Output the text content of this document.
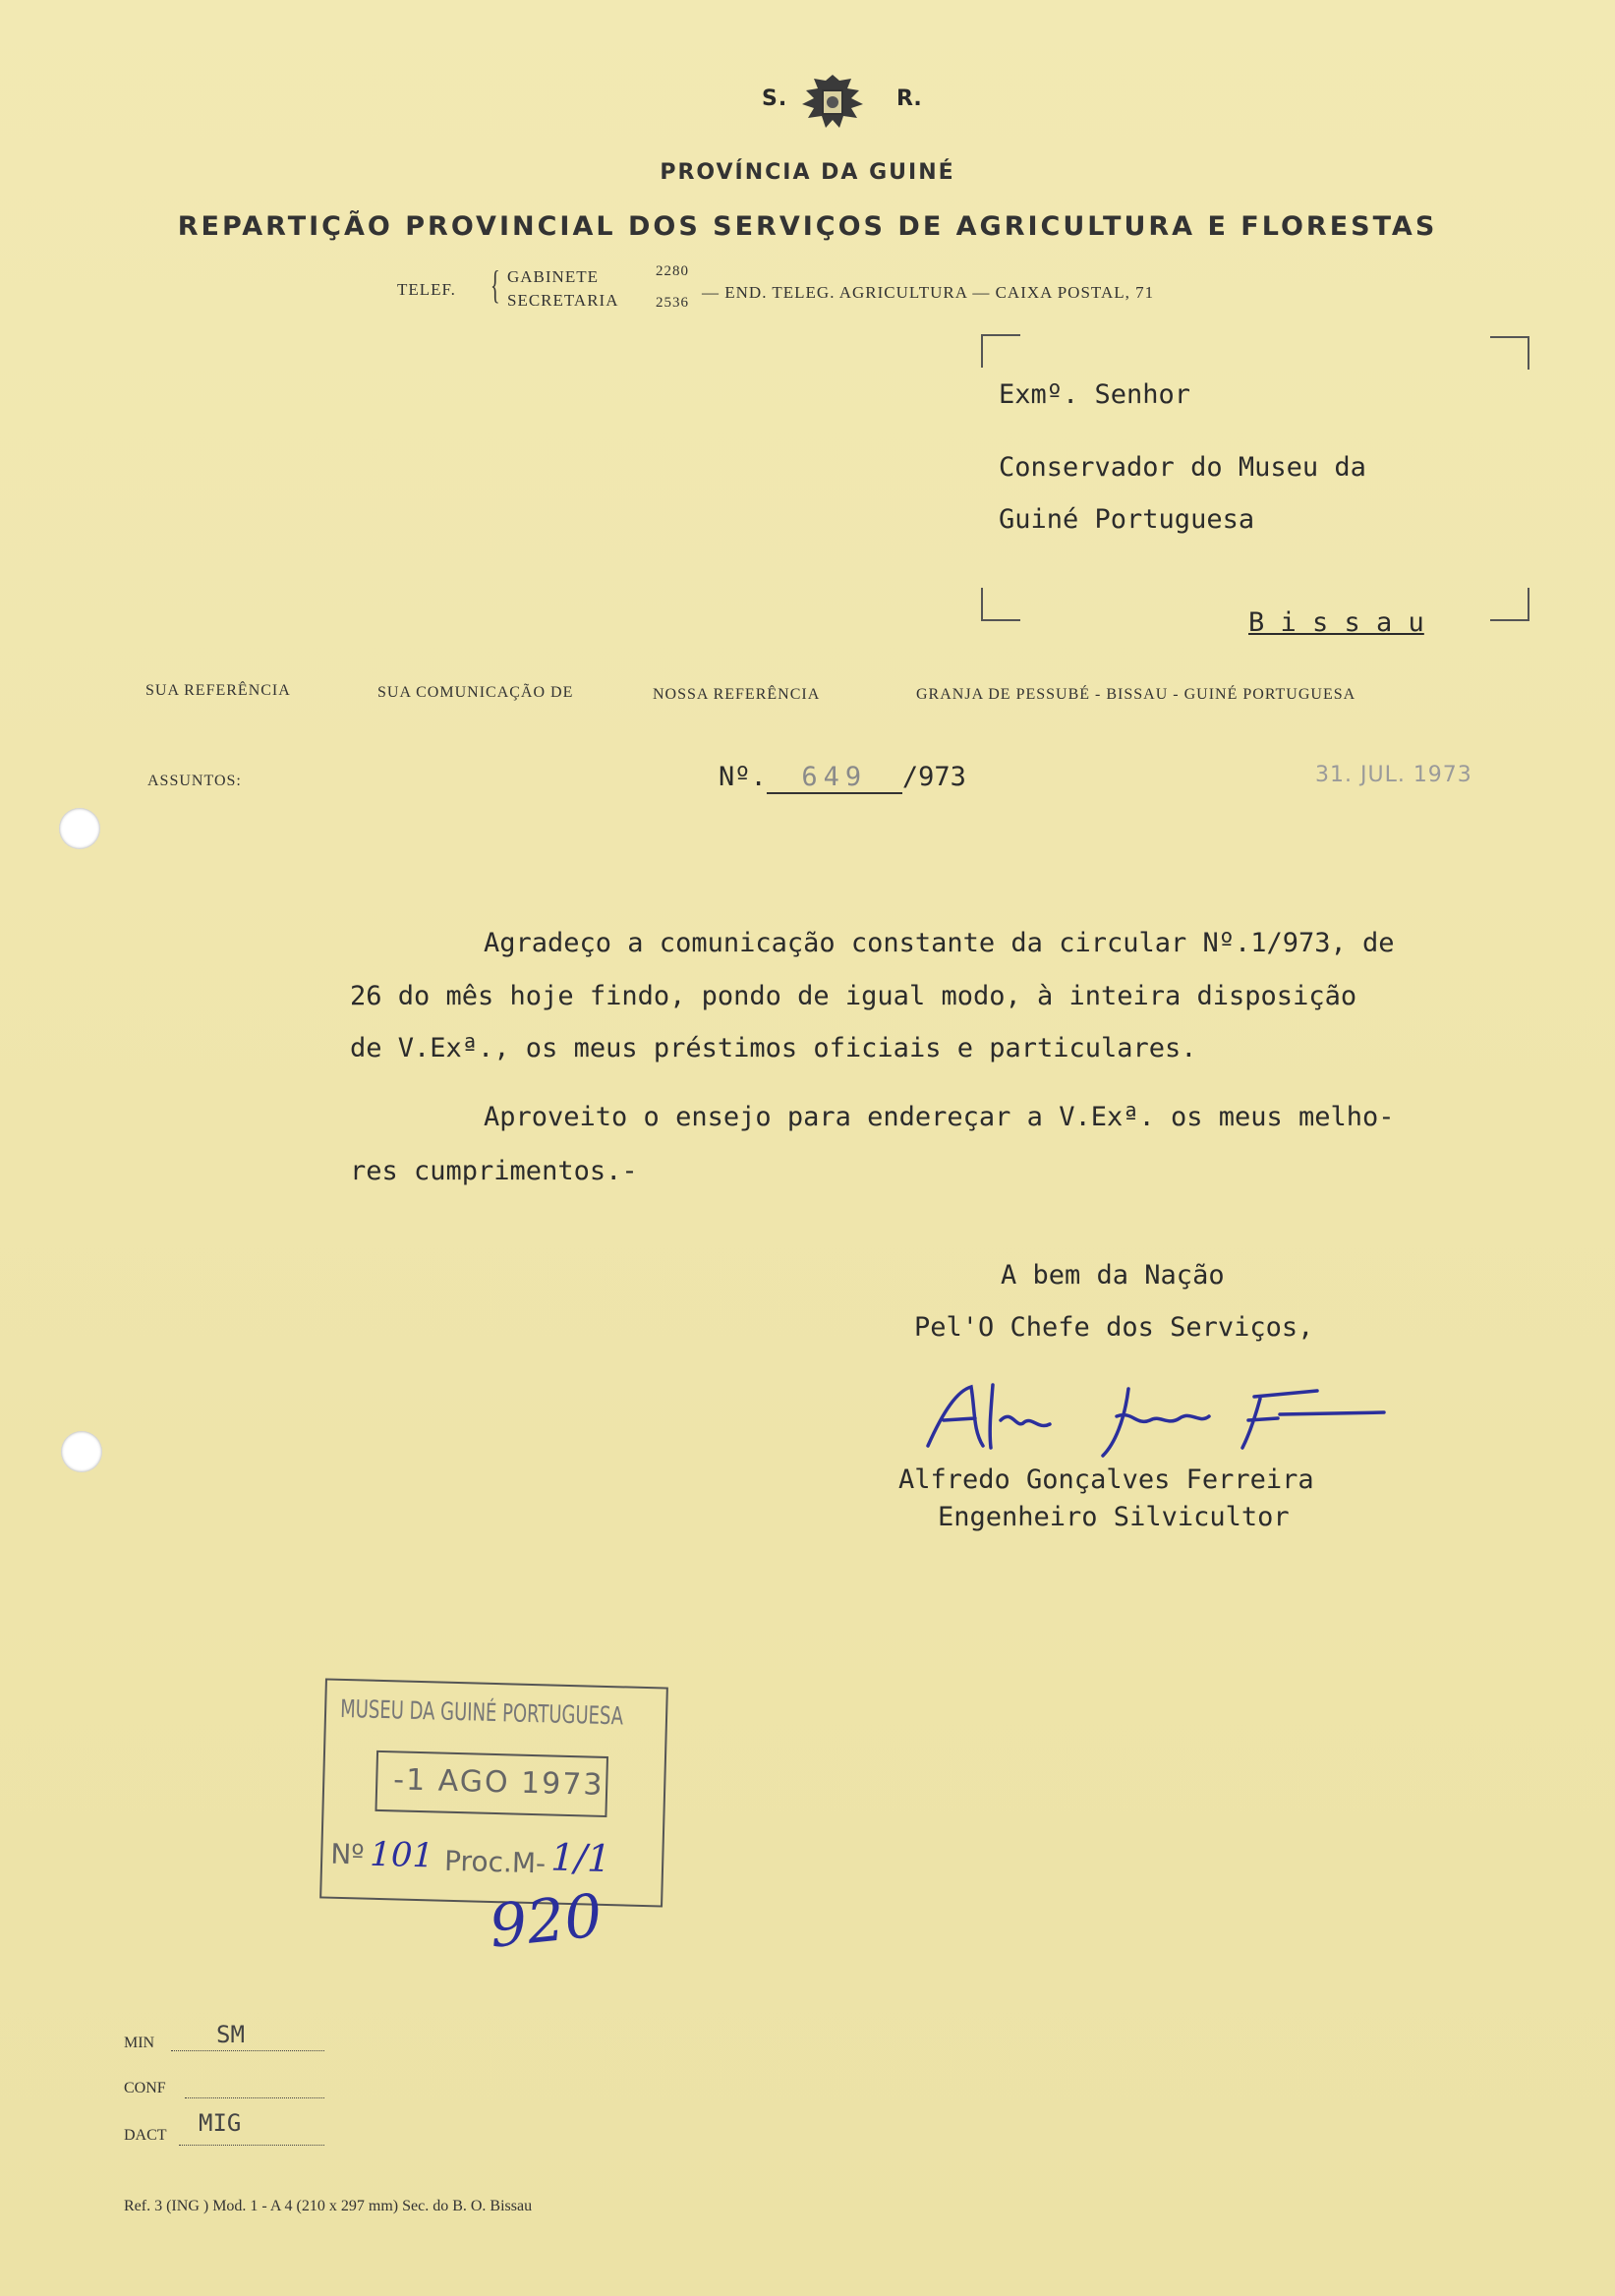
S.	R.
PROVÍNCIA DA GUINÉ
REPARTIÇÃO PROVINCIAL DOS SERVIÇOS DE AGRICULTURA E FLORESTAS
TELEF. { GABINETE	2280
SECRETARIA	2536
— END. TELEG. AGRICULTURA — CAIXA POSTAL, 71
Exmº. Senhor
Conservador do Museu da
Guiné Portuguesa
B i s s a u
SUA REFERÊNCIA	SUA COMUNICAÇÃO DE	NOSSA REFERÊNCIA	GRANJA DE PESSUBÉ - BISSAU - GUINÉ PORTUGUESA

Nº. 649 /973

ASSUNTOS:	31. JUL. 1973
Agradeço a comunicação constante da circular Nº.1/973, de
26 do mês hoje findo, pondo de igual modo, à inteira disposição
de V.Exª., os meus préstimos oficiais e particulares.
Aproveito o ensejo para endereçar a V.Exª. os meus melho-
res cumprimentos.-
A bem da Nação
Pel'O Chefe dos Serviços,
Alfredo Gonçalves Ferreira
Engenheiro Silvicultor
MUSEU DA GUINÉ PORTUGUESA
-1 AGO 1973
Nº 101 Proc.M- 1/1
920
MIN	SM
CONF
DACT MIG
Ref. 3 (ING ) Mod. 1 - A 4 (210 x 297 mm) Sec. do B. O. Bissau
